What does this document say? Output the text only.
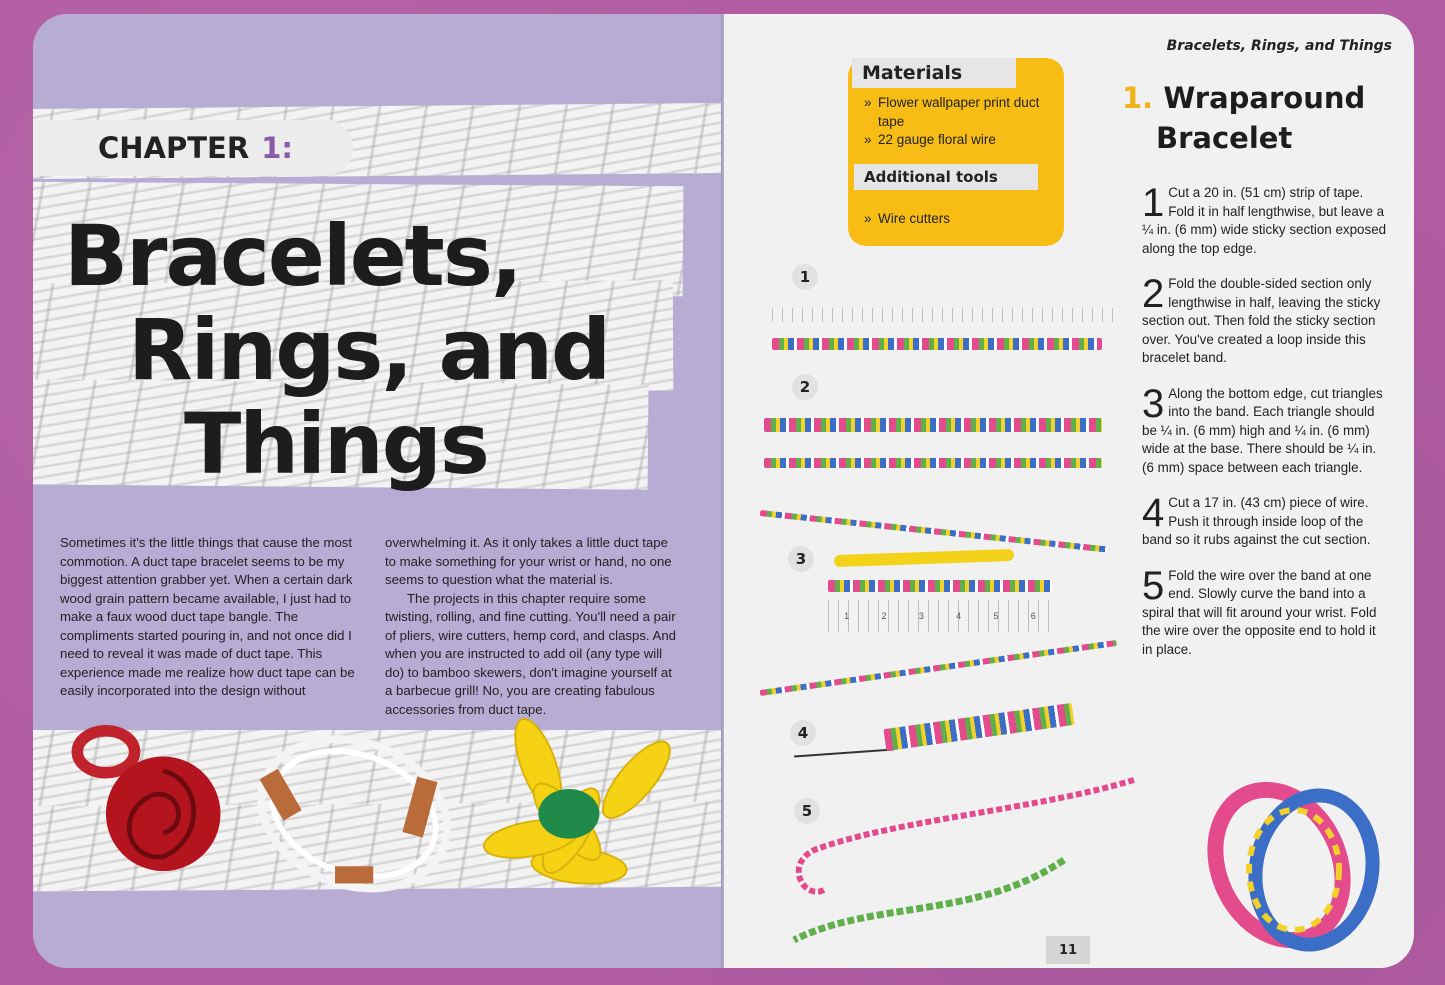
CHAPTER 1:
Bracelets,
Rings, and
Things

Sometimes it's the little things that cause the most commotion. A duct tape bracelet seems to be my biggest attention grabber yet. When a certain dark wood grain pattern became available, I just had to make a faux wood duct tape bangle. The compliments started pouring in, and not once did I need to reveal it was made of duct tape. This experience made me realize how duct tape can be easily incorporated into the design without

overwhelming it. As it only takes a little duct tape to make something for your wrist or hand, no one seems to question what the material is.

The projects in this chapter require some twisting, rolling, and fine cutting. You'll need a pair of pliers, wire cutters, hemp cord, and clasps. And when you are instructed to add oil (any type will do) to bamboo skewers, don't imagine yourself at a barbecue grill! No, you are creating fabulous accessories from duct tape.

Bracelets, Rings, and Things
Materials
» Flower wallpaper print duct tape
» 22 gauge floral wire
Additional tools
» Wire cutters
1. Wraparound
Bracelet
1 Cut a 20 in. (51 cm) strip of tape. Fold it in half lengthwise, but leave a ¼ in. (6 mm) wide sticky section exposed along the top edge.
2 Fold the double-sided section only lengthwise in half, leaving the sticky section out. Then fold the sticky section over. You've created a loop inside this bracelet band.
3 Along the bottom edge, cut triangles into the band. Each triangle should be ¼ in. (6 mm) high and ¼ in. (6 mm) wide at the base. There should be ¼ in. (6 mm) space between each triangle.
4 Cut a 17 in. (43 cm) piece of wire. Push it through inside loop of the band so it rubs against the cut section.
5 Fold the wire over the band at one end. Slowly curve the band into a spiral that will fit around your wrist. Fold the wire over the opposite end to hold it in place.
1
2
3
1	2	3	4	5	6
4
5
11
